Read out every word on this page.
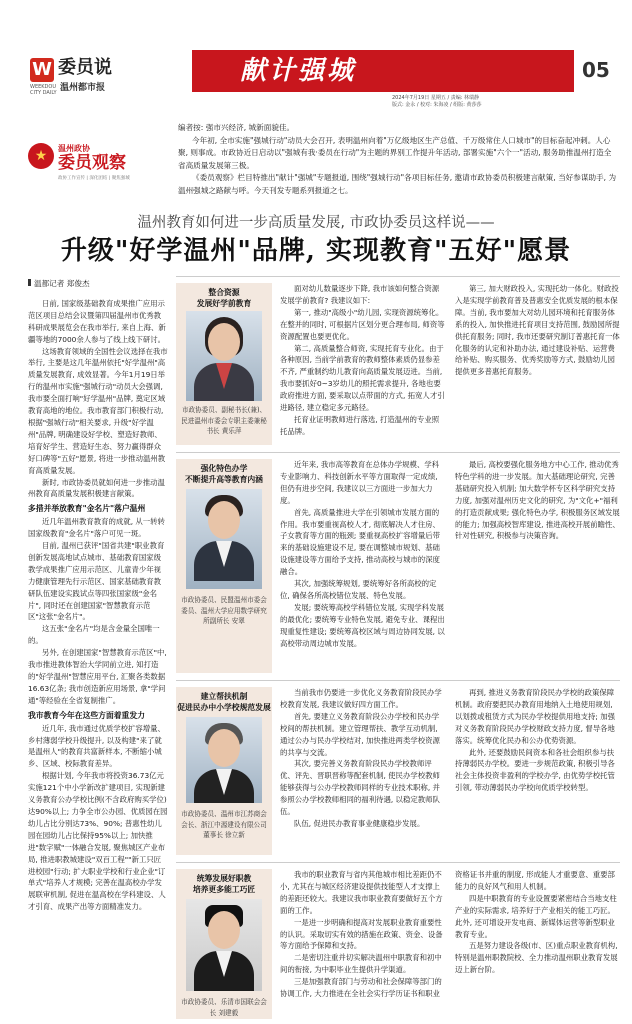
W 委员说
WEEKDOU CITY DAILY 温州都市报
献计强城	05
2024年7月19日 星期五 / 责编: 林瑞静
版式: 金永 / 校对: 朱海凌 / 组版: 黄莎莎
★	温州政协
委员观察
政协工作宣传 | 深化团结 | 聚焦强城

编者按: 强市兴经济, 城新面貌佳。

今年初, 全市实施"强城行动"动员大会召开, 表明温州向着"万亿级地区生产总值、千万级常住人口城市"的目标奋起冲刺。人心聚, 则事成。市政协近日启动以"强城有我·委员在行动"为主题的界别工作提升年活动, 部署实施"六个一"活动, 服务助推温州打造全省高质量发展第三极。

《委员观察》栏目特推出"献计"强城"专题报道, 围绕"强城行动"各项目标任务, 邀请市政协委员积极建言献策, 当好参谋助手, 为温州强城之路献与呼。今天刊发专题系列报道之七。

温州教育如何进一步高质量发展, 市政协委员这样说——
升级"好学温州"品牌, 实现教育"五好"愿景
温都记者 郑俊杰

日前, 国家级基础教育成果推广应用示范区项目总结会议暨第四届温州市优秀教科研成果展览会在我市举行, 来自上海、新疆等地的7000余人参与了线上线下研讨。

这场教育领域的全国性会议选择在我市举行, 主要是这几年温州依托"好学温州"高质量发展教育, 成效显著。今年1月19日举行的温州市实施"强城行动"动员大会强调, 我市要全面打响"好学温州"品牌, 奠定区域教育高地的地位。我市教育部门积极行动, 根据"强城行动"相关要求, 升级"好学温州"品牌, 明确建设好学校、塑造好教师、培育好学生、营造好生态、努力赢得群众好口碑等"五好"愿景, 将进一步推动温州教育高质量发展。

新时, 市政协委员就如何进一步推动温州教育高质量发展积极建言献策。

多措并举放教育"金名片"落户温州

近几年温州教育教育的成就, 从一转转国家级教育"金名片"落户可见一斑。

目前, 温州已获评"国省共建"职业教育创新发展高地试点城市、基础教育国家级教学成果推广应用示范区、儿童青少年视力健康管理先行示范区、国家基础教育教研队伍建设实践试点等四张国家级"金名片", 同时还在创建国家"智慧教育示范区"这张"金名片"。

这五张"金名片"均是含金量全国唯一的。

另外, 在创建国家"智慧教育示范区"中, 我市推进教体智治大学同前立进, 知打造的"好学温州"智慧应用平台, 汇聚各类数据16.63亿条; 我市创造新应用场景, 拿"学问通"等经验在全省复制推广。

我市教育今年在这些方面着重发力

近几年, 我市通过优质学校扩容增量、乡村薄弱学校升级提升, 以及构建"来了就是温州人"的教育共富新样本, 不断缩小城乡、区域、校际教育差异。

根据计划, 今年我市将投资36.73亿元实施121个中小学新改扩建项目, 实现新建义务教育公办学校比例(不含政府购买学位)达90%以上; 力争全市公办园、优质园在园幼儿占比分别达73%、90%; 普惠性幼儿园在园幼儿占比保持95%以上; 加快推进"数字赋"一体融合发展, 聚焦城区产业布局, 推进职教城建设"双百工程""新工只匠进校园"行动; 扩大职业学校和行业企业"订单式"培养人才规模; 完善在温高校办学发展联审机制, 促进在温高校在学科建设、人才引育、成果产出等方面精准发力。

整合资源
发展好学前教育
市政协委员、副秘书长(兼)、民进温州市委会专职主委兼秘书长 黄乐萍

面对幼儿数量逐步下降, 我市该如何整合资源发展学前教育? 我建议如下:

第一, 推动"高级小"幼儿园, 实现资源统筹化。在整并的同时, 可根据片区划分更合理布局, 师资等资源配置也要更优化。

第二, 高质量整合师资, 实现托育专业化。由于各种原因, 当前学前教育的教师整体素质仍显参差不齐, 严重制约幼儿教育向高质量发展迈进。当前, 我市要抓好0~3岁幼儿的照托需求提升, 各地也要政府推进方面, 要采取以点带面的方式, 拓宽人才引进路径, 建立稳定多元路径。

托育业证明教师进行落选, 打造温州的专业照托品牌。

第三, 加大财政投入, 实现托幼一体化。财政投入是实现学前教育普及普惠安全优质发展的根本保障。当前, 我市要加大对幼儿园环境和托育服务体系的投入, 加快推进托育项目支持范围, 鼓励园所提供托育服务; 同时, 我市还要研究制订普惠托育一体化服务的认定和补助办法, 通过建设补贴、运营费给补贴、购买服务、优秀奖励等方式, 鼓励幼儿园提供更多普惠托育服务。

强化特色办学
不断提升高等教育内涵
市政协委员、民盟温州市委会委员、温州大学应用数学研究所副所长 安翠

近年来, 我市高等教育在总体办学规模、学科专业影响力、科技创新水平等方面取得一定成绩, 但仍有进步空间, 我建议以三方面进一步加大力度。

首先, 高质量推进大学在引领城市发展方面的作用。我市要重视高校人才, 彻底解决人才住房、子女教育等方面的瓶颈; 要重视高校扩容增量后带来的基础设施建设不足, 要在调整城市规划、基础设施建设等方面给予支持, 推动高校与城市的深度融合。

其次, 加强统筹规划, 要统筹好各所高校的定位, 确保各所高校错位发展、特色发展。

发展; 要统筹高校学科错位发展, 实现学科发展的最优化; 要统筹专业特色发展, 避免专业、课程出现重复性建设; 要统筹高校区域与周边协同发展, 以高校带动周边城市发展。

最后, 高校要强化服务地方中心工作, 推动优秀特色学科的进一步发展。加大基础理论研究, 完善基础研究投入机制; 加大数学杯专区科学研究支持力度, 加强对温州历史文化的研究, 为"文化+"福利的打造贡献成果; 强化特色办学, 积极服务区域发展的能力; 加强高校智库建设, 推进高校开展前瞻性、针对性研究, 积极参与决策咨询。

建立帮扶机制
促进民办中小学校规范发展
市政协委员、温州市江苏商会会长、浙江中源建设有限公司董事长 徐立新

当前我市仍要进一步优化义务教育阶段民办学校教育发展, 我建议做好四方面工作。

首先, 要建立义务教育阶段公办学校和民办学校间的帮扶机制。建立管理帮扶、教学互动机制, 通过公办与民办学校结对, 加快推进两类学校资源的共享与交流。

其次, 要完善义务教育阶段民办学校教师评优、评先、晋职晋称等配套机制, 使民办学校教师能够获得与公办学校教师同样的专业技术职称, 并参照公办学校教师相同的福利待遇, 以稳定教师队伍。

队伍, 促进民办教育事业健康稳步发展。

再到, 推进义务教育阶段民办学校的政策保障机制。政府要把民办教育用地纳入土地使用规划, 以划拨或租赁方式为民办学校提供用地支持; 加强对义务教育阶段民办学校财政支持力度, 督导各地落实。统筹优化民办和公办优势资源。

此外, 还要鼓励民间资本和各社会组织参与扶持薄弱民办学校。要进一步规范政策, 积极引导各社会主体投资非盈利的学校办学, 由优势学校托管引领, 带动薄弱民办学校向优质学校转型。

统筹发展好职教
培养更多能工巧匠
市政协委员、乐清市国联会会长 刘建毅

我市的职业教育与省内其他城市相比差距仍不小, 尤其在与城区经济建设提供技能型人才支撑上的差距还较大。我建议我市职业教育要做好五个方面的工作。

一是进一步明确和提高对发展职业教育重要性的认识。采取切实有效的措施在政策、资金、设备等方面给予保障和支持。

二是密切注重并切实解决温州中职教育和初中间的衔接, 为中职毕业生提供升学渠道。

三是加强教育部门与劳动和社会保障等部门的协调工作, 大力推进在全社会实行学历证书和职业资格证书并重的制度, 形成能人才重要意、重要部能力的良好风气和用人机制。

四是中职教育的专业设置要紧密结合当地支柱产业的实际需求, 培养好于产业相关的能工巧匠。此外, 还可增设开发电商、新媒体运营等新型职业教育专业。

五是努力建设各级(市、区)重点职业教育机构, 特别是温州职教院校、全力推动温州职业教育发展迈上新台阶。
